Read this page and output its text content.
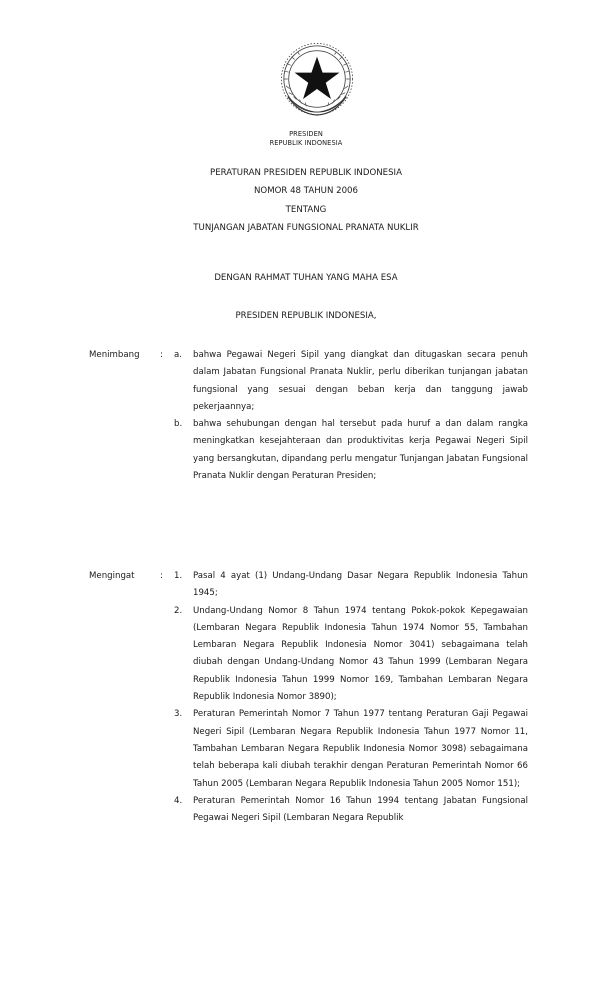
PRESIDEN
REPUBLIK INDONESIA
PERATURAN PRESIDEN REPUBLIK INDONESIA
NOMOR 48 TAHUN 2006
TENTANG
TUNJANGAN JABATAN FUNGSIONAL PRANATA NUKLIR
DENGAN RAHMAT TUHAN YANG MAHA ESA
PRESIDEN REPUBLIK INDONESIA,
Menimbang : a. bahwa Pegawai Negeri Sipil yang diangkat dan ditugaskan secara penuh dalam Jabatan Fungsional Pranata Nuklir, perlu diberikan tunjangan jabatan fungsional yang sesuai dengan beban kerja dan tanggung jawab pekerjaannya;
b. bahwa sehubungan dengan hal tersebut pada huruf a dan dalam rangka meningkatkan kesejahteraan dan produktivitas kerja Pegawai Negeri Sipil yang bersangkutan, dipandang perlu mengatur Tunjangan Jabatan Fungsional Pranata Nuklir dengan Peraturan Presiden;
Mengingat	: 1. Pasal 4 ayat (1) Undang-Undang Dasar Negara Republik Indonesia Tahun 1945;
2. Undang-Undang Nomor 8 Tahun 1974 tentang Pokok-pokok Kepegawaian (Lembaran Negara Republik Indonesia Tahun 1974 Nomor 55, Tambahan Lembaran Negara Republik Indonesia Nomor 3041) sebagaimana telah diubah dengan Undang-Undang Nomor 43 Tahun 1999 (Lembaran Negara Republik Indonesia Tahun 1999 Nomor 169, Tambahan Lembaran Negara Republik Indonesia Nomor 3890);
3. Peraturan Pemerintah Nomor 7 Tahun 1977 tentang Peraturan Gaji Pegawai Negeri Sipil (Lembaran Negara Republik Indonesia Tahun 1977 Nomor 11, Tambahan Lembaran Negara Republik Indonesia Nomor 3098) sebagaimana telah beberapa kali diubah terakhir dengan Peraturan Pemerintah Nomor 66 Tahun 2005 (Lembaran Negara Republik Indonesia Tahun 2005 Nomor 151);
4. Peraturan Pemerintah Nomor 16 Tahun 1994 tentang Jabatan Fungsional Pegawai Negeri Sipil (Lembaran Negara Republik
